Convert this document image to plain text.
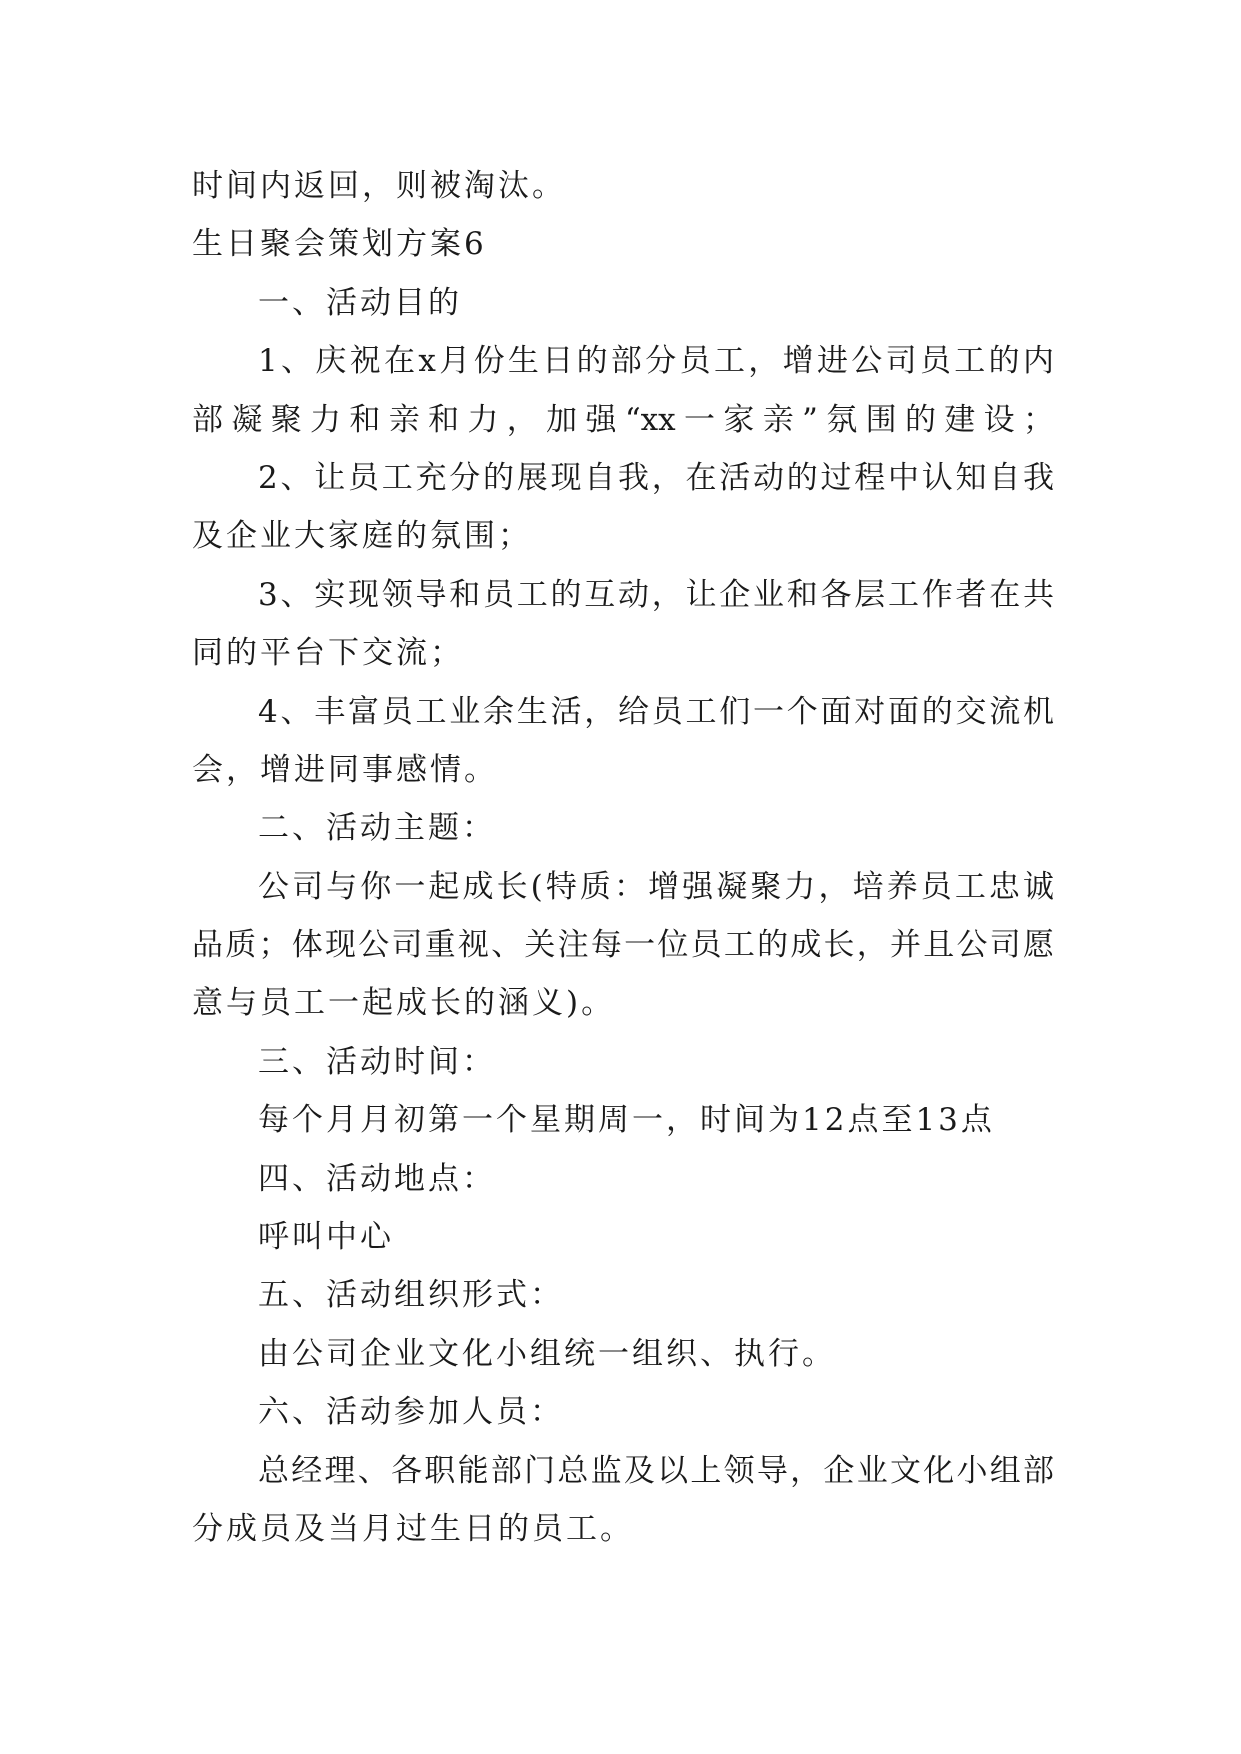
时间内返回，则被淘汰。

生日聚会策划方案6

一、活动目的

1、庆祝在x月份生日的部分员工，增进公司员工的内

部凝聚力和亲和力，加强“xx一家亲”氛围的建设；

2、让员工充分的展现自我，在活动的过程中认知自我

及企业大家庭的氛围；

3、实现领导和员工的互动，让企业和各层工作者在共

同的平台下交流；

4、丰富员工业余生活，给员工们一个面对面的交流机

会，增进同事感情。

二、活动主题：

公司与你一起成长(特质：增强凝聚力，培养员工忠诚

品质；体现公司重视、关注每一位员工的成长，并且公司愿

意与员工一起成长的涵义)。

三、活动时间：

每个月月初第一个星期周一，时间为12点至13点

四、活动地点：

呼叫中心

五、活动组织形式：

由公司企业文化小组统一组织、执行。

六、活动参加人员：

总经理、各职能部门总监及以上领导，企业文化小组部

分成员及当月过生日的员工。
